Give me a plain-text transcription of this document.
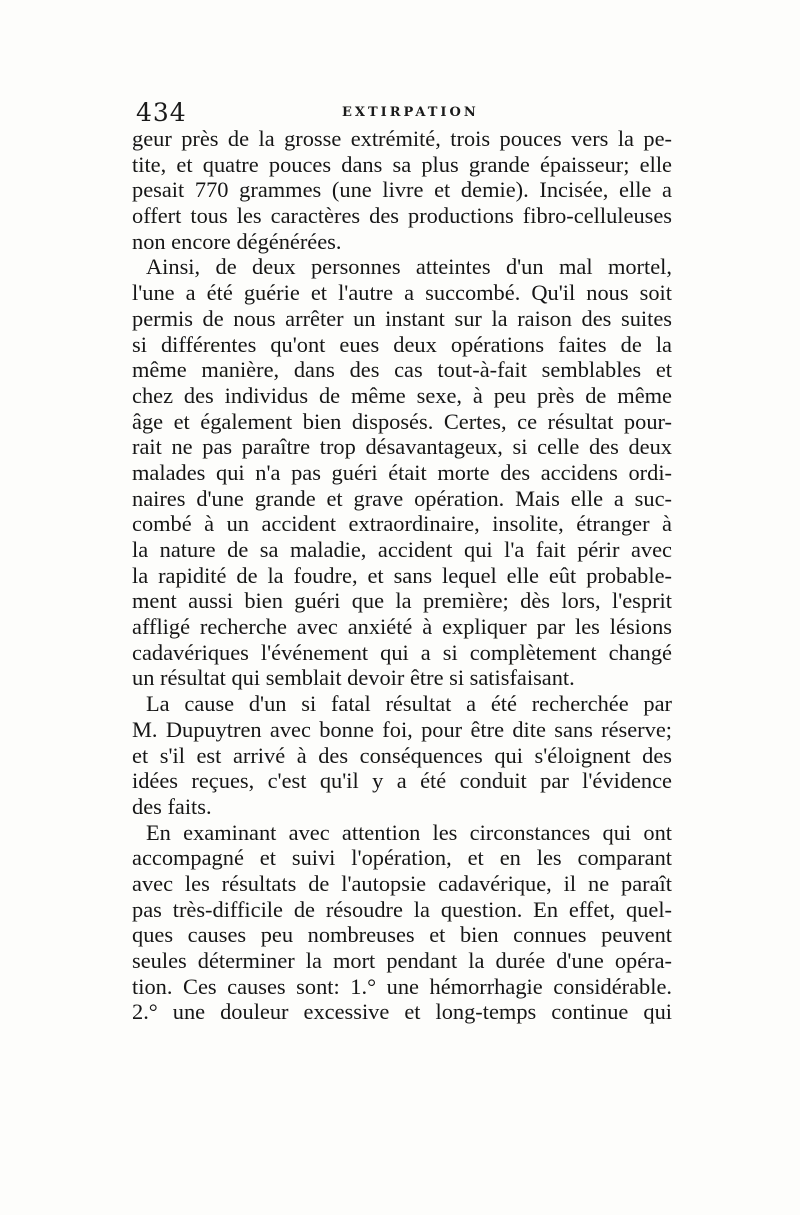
434	EXTIRPATION
geur près de la grosse extrémité, trois pouces vers la pe-
tite, et quatre pouces dans sa plus grande épaisseur; elle
pesait 770 grammes (une livre et demie). Incisée, elle a
offert tous les caractères des productions fibro-celluleuses
non encore dégénérées.
Ainsi, de deux personnes atteintes d'un mal mortel,
l'une a été guérie et l'autre a succombé. Qu'il nous soit
permis de nous arrêter un instant sur la raison des suites
si différentes qu'ont eues deux opérations faites de la
même manière, dans des cas tout-à-fait semblables et
chez des individus de même sexe, à peu près de même
âge et également bien disposés. Certes, ce résultat pour-
rait ne pas paraître trop désavantageux, si celle des deux
malades qui n'a pas guéri était morte des accidens ordi-
naires d'une grande et grave opération. Mais elle a suc-
combé à un accident extraordinaire, insolite, étranger à
la nature de sa maladie, accident qui l'a fait périr avec
la rapidité de la foudre, et sans lequel elle eût probable-
ment aussi bien guéri que la première; dès lors, l'esprit
affligé recherche avec anxiété à expliquer par les lésions
cadavériques l'événement qui a si complètement changé
un résultat qui semblait devoir être si satisfaisant.
La cause d'un si fatal résultat a été recherchée par
M. Dupuytren avec bonne foi, pour être dite sans réserve;
et s'il est arrivé à des conséquences qui s'éloignent des
idées reçues, c'est qu'il y a été conduit par l'évidence
des faits.
En examinant avec attention les circonstances qui ont
accompagné et suivi l'opération, et en les comparant
avec les résultats de l'autopsie cadavérique, il ne paraît
pas très-difficile de résoudre la question. En effet, quel-
ques causes peu nombreuses et bien connues peuvent
seules déterminer la mort pendant la durée d'une opéra-
tion. Ces causes sont: 1.° une hémorrhagie considérable.
2.° une douleur excessive et long-temps continue qui
